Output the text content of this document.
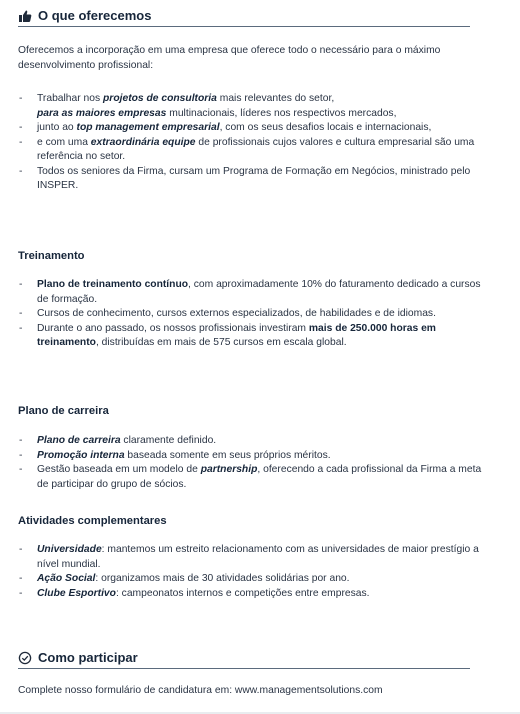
O que oferecemos
Oferecemos a incorporação em uma empresa que oferece todo o necessário para o máximo desenvolvimento profissional:
- Trabalhar nos projetos de consultoria mais relevantes do setor,
para as maiores empresas multinacionais, líderes nos respectivos mercados,
- junto ao top management empresarial, com os seus desafios locais e internacionais,
- e com uma extraordinária equipe de profissionais cujos valores e cultura empresarial são uma referência no setor.
- Todos os seniores da Firma, cursam um Programa de Formação em Negócios, ministrado pelo INSPER.
Treinamento
- Plano de treinamento contínuo, com aproximadamente 10% do faturamento dedicado a cursos de formação.
- Cursos de conhecimento, cursos externos especializados, de habilidades e de idiomas.
- Durante o ano passado, os nossos profissionais investiram mais de 250.000 horas em treinamento, distribuídas em mais de 575 cursos em escala global.
Plano de carreira
- Plano de carreira claramente definido.
- Promoção interna baseada somente em seus próprios méritos.
- Gestão baseada em um modelo de partnership, oferecendo a cada profissional da Firma a meta de participar do grupo de sócios.
Atividades complementares
- Universidade: mantemos um estreito relacionamento com as universidades de maior prestígio a nível mundial.
- Ação Social: organizamos mais de 30 atividades solidárias por ano.
- Clube Esportivo: campeonatos internos e competições entre empresas.
Como participar
Complete nosso formulário de candidatura em: www.managementsolutions.com
